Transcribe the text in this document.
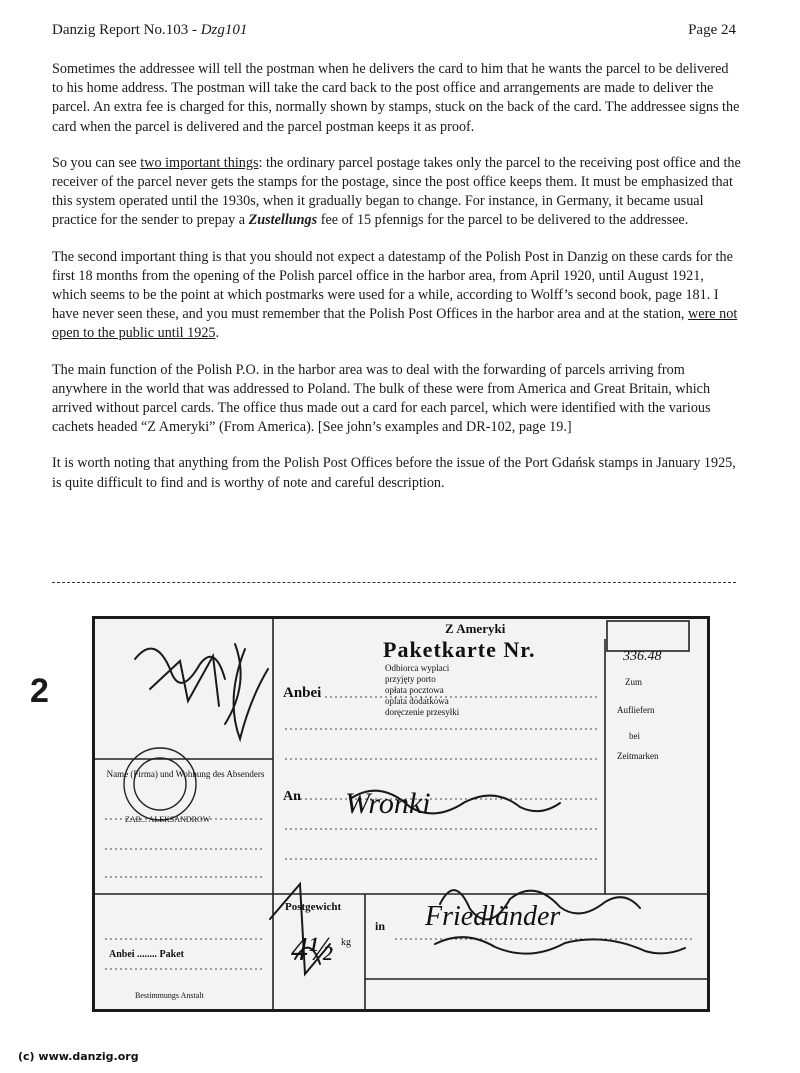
Danzig Report No.103 - Dzg101	Page 24

Sometimes the addressee will tell the postman when he delivers the card to him that he wants the parcel to be delivered to his home address. The postman will take the card back to the post office and arrangements are made to deliver the parcel. An extra fee is charged for this, normally shown by stamps, stuck on the back of the card. The addressee signs the card when the parcel is delivered and the parcel postman keeps it as proof.

So you can see two important things: the ordinary parcel postage takes only the parcel to the receiving post office and the receiver of the parcel never gets the stamps for the postage, since the post office keeps them. It must be emphasized that this system operated until the 1930s, when it gradually began to change. For instance, in Germany, it became usual practice for the sender to prepay a Zustellungs fee of 15 pfennigs for the parcel to be delivered to the addressee.

The second important thing is that you should not expect a datestamp of the Polish Post in Danzig on these cards for the first 18 months from the opening of the Polish parcel office in the harbor area, from April 1920, until August 1921, which seems to be the point at which postmarks were used for a while, according to Wolff’s second book, page 181. I have never seen these, and you must remember that the Polish Post Offices in the harbor area and at the station, were not open to the public until 1925.

The main function of the Polish P.O. in the harbor area was to deal with the forwarding of parcels arriving from anywhere in the world that was addressed to Poland. The bulk of these were from America and Great Britain, which arrived without parcel cards. The office thus made out a card for each parcel, which were identified with the various cachets headed “Z Ameryki” (From America). [See john’s examples and DR-102, page 19.]

It is worth noting that anything from the Polish Post Offices before the issue of the Port Gdańsk stamps in January 1925, is quite difficult to find and is worthy of note and careful description.

2
Z Ameryki
Paketkarte Nr.	336.48
Odbiorca wyplaci
przyjęty porto
opłata pocztowa
oplata dodatkowa
doręczenie przesyłki
Zum
Aufliefern
bei
Zeitmarken
Anbei
Name (Firma) und Wohnung des Absenders
ZAB... ALEKSANDROW
An Wronki
Postgewicht
4½ kg
in Friedländer
Anbei ........ Paket
Bestimmungs Anstalt
(c) www.danzig.org
